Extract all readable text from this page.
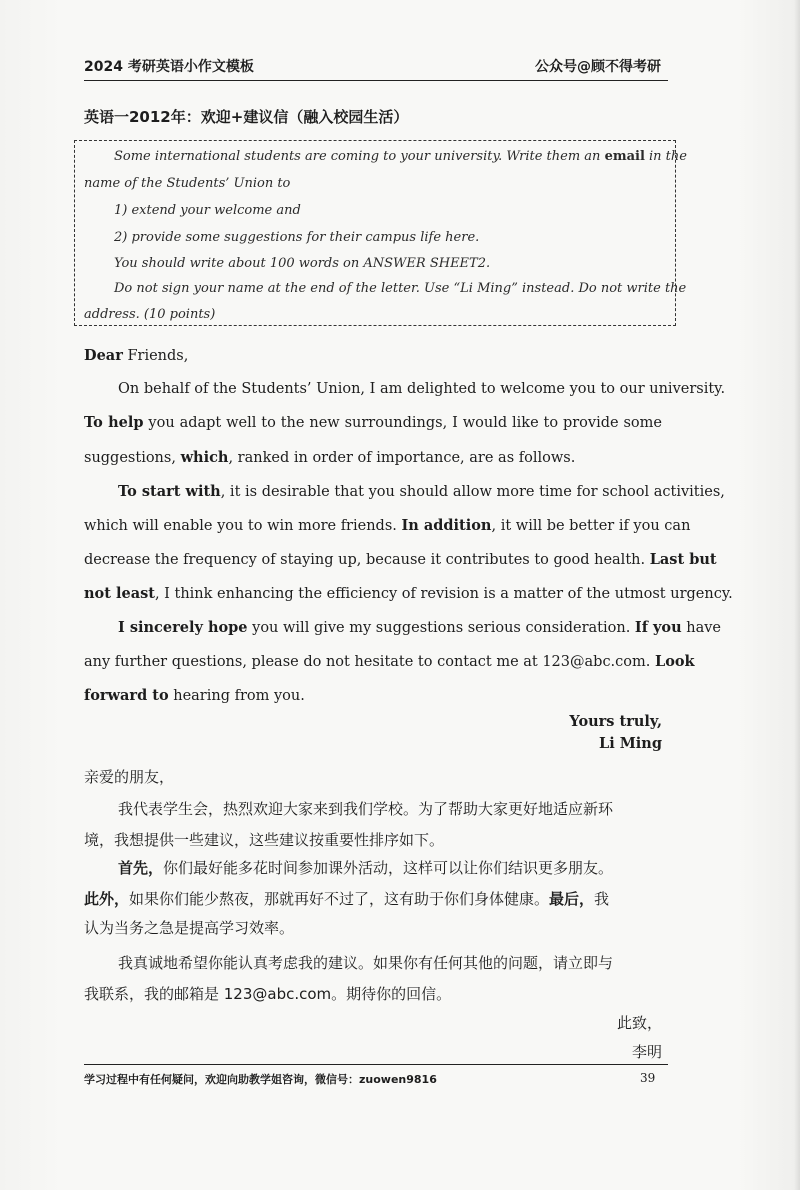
2024 考研英语小作文模板	公众号@顾不得考研
英语一2012年：欢迎+建议信（融入校园生活）
Some international students are coming to your university. Write them an email in the
name of the Students’ Union to
1) extend your welcome and
2) provide some suggestions for their campus life here.
You should write about 100 words on ANSWER SHEET2.
Do not sign your name at the end of the letter. Use “Li Ming” instead. Do not write the
address. (10 points)
Dear Friends,
On behalf of the Students’ Union, I am delighted to welcome you to our university.
To help you adapt well to the new surroundings, I would like to provide some
suggestions, which, ranked in order of importance, are as follows.
To start with, it is desirable that you should allow more time for school activities,
which will enable you to win more friends. In addition, it will be better if you can
decrease the frequency of staying up, because it contributes to good health. Last but
not least, I think enhancing the efficiency of revision is a matter of the utmost urgency.
I sincerely hope you will give my suggestions serious consideration. If you have
any further questions, please do not hesitate to contact me at 123@abc.com. Look
forward to hearing from you.
Yours truly,
Li Ming
亲爱的朋友，
我代表学生会，热烈欢迎大家来到我们学校。为了帮助大家更好地适应新环
境，我想提供一些建议，这些建议按重要性排序如下。
首先，你们最好能多花时间参加课外活动，这样可以让你们结识更多朋友。
此外，如果你们能少熬夜，那就再好不过了，这有助于你们身体健康。最后，我
认为当务之急是提高学习效率。
我真诚地希望你能认真考虑我的建议。如果你有任何其他的问题，请立即与
我联系，我的邮箱是 123@abc.com。期待你的回信。
此致，
李明
学习过程中有任何疑问，欢迎向助教学姐咨询，微信号：zuowen9816	39
